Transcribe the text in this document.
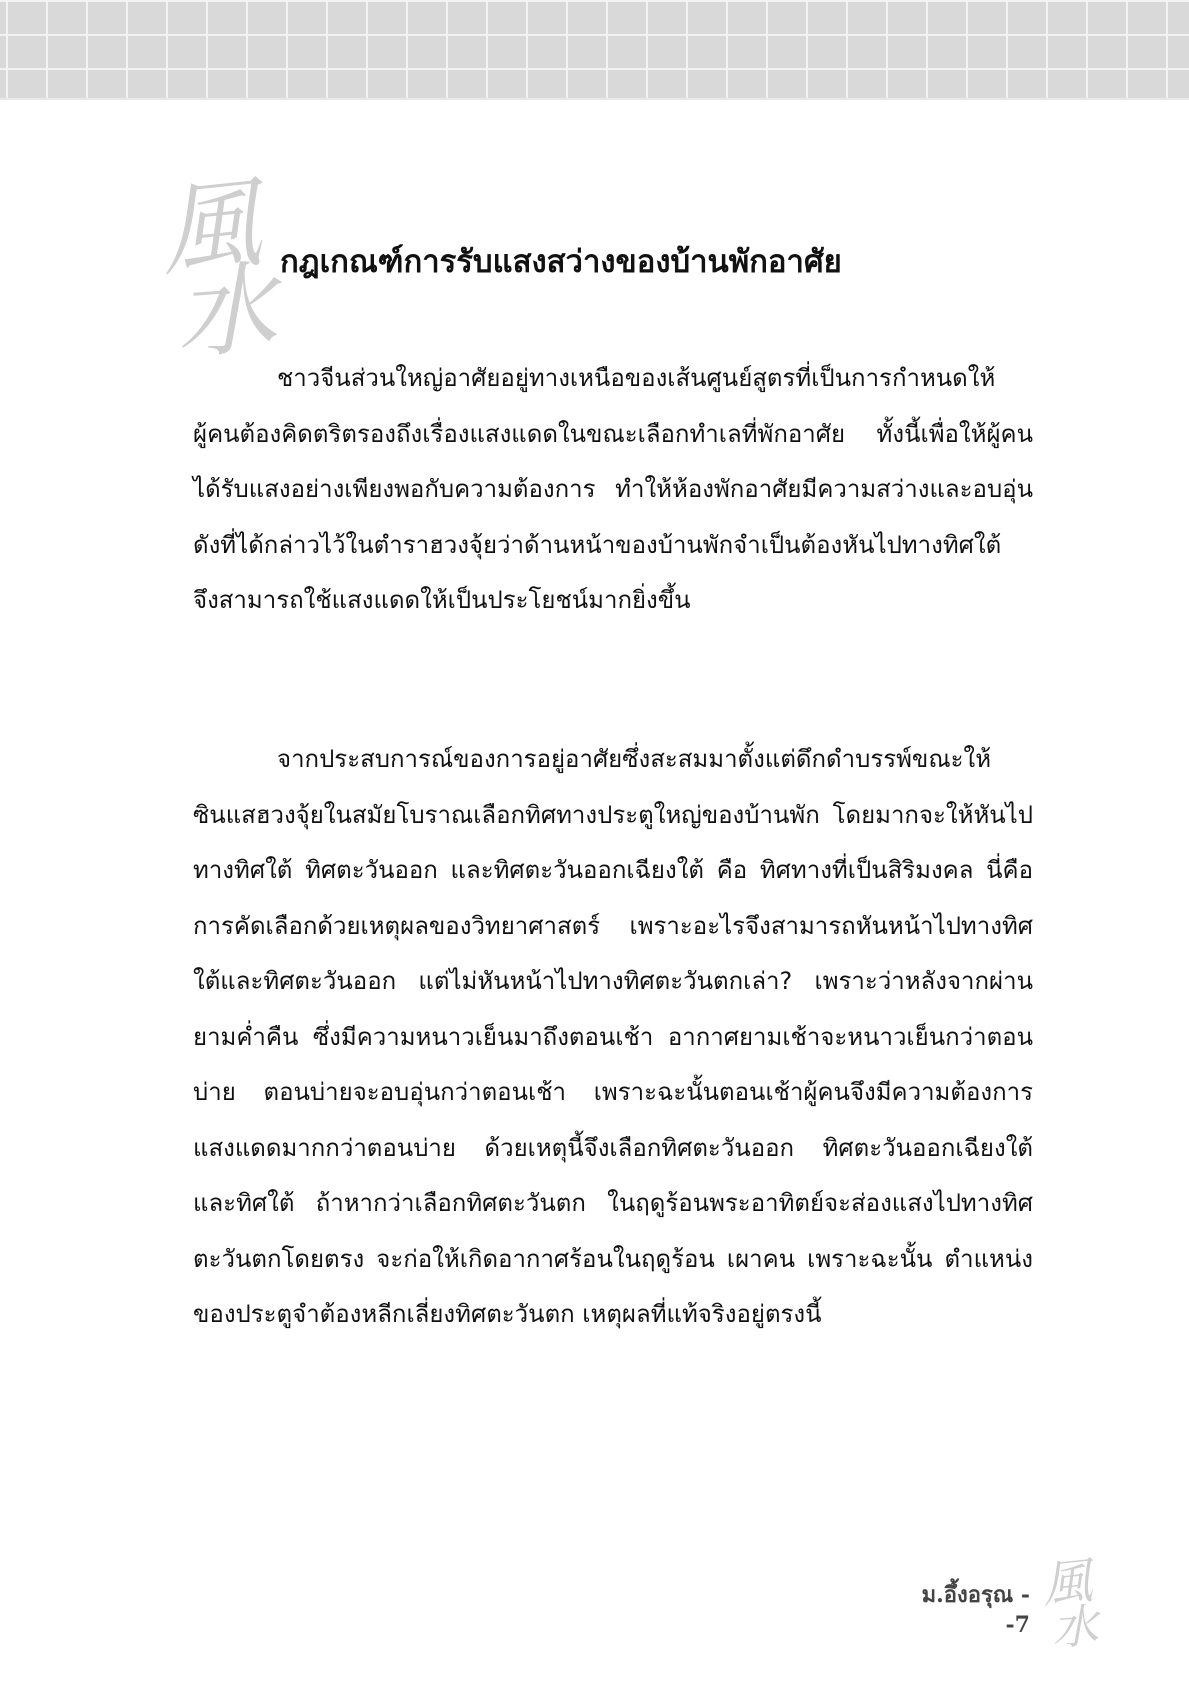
風
水 กฎเกณฑ์การรับแสงสว่างของบ้านพักอาศัย

ชาวจีนส่วนใหญ่อาศัยอยู่ทางเหนือของเส้นศูนย์สูตรที่เป็นการกำหนดให้ผู้คนต้องคิดตริตรองถึงเรื่องแสงแดดในขณะเลือกทำเลที่พักอาศัย ทั้งนี้เพื่อให้ผู้คนได้รับแสงอย่างเพียงพอกับความต้องการ ทำให้ห้องพักอาศัยมีความสว่างและอบอุ่น ดังที่ได้กล่าวไว้ในตำราฮวงจุ้ยว่าด้านหน้าของบ้านพักจำเป็นต้องหันไปทางทิศใต้ จึงสามารถใช้แสงแดดให้เป็นประโยชน์มากยิ่งขึ้น

จากประสบการณ์ของการอยู่อาศัยซึ่งสะสมมาตั้งแต่ดึกดำบรรพ์ขณะให้ซินแสฮวงจุ้ยในสมัยโบราณเลือกทิศทางประตูใหญ่ของบ้านพัก โดยมากจะให้หันไปทางทิศใต้ ทิศตะวันออก และทิศตะวันออกเฉียงใต้ คือ ทิศทางที่เป็นสิริมงคล นี่คือ การคัดเลือกด้วยเหตุผลของวิทยาศาสตร์ เพราะอะไรจึงสามารถหันหน้าไปทางทิศใต้และทิศตะวันออก แต่ไม่หันหน้าไปทางทิศตะวันตกเล่า? เพราะว่าหลังจากผ่านยามค่ำคืน ซึ่งมีความหนาวเย็นมาถึงตอนเช้า อากาศยามเช้าจะหนาวเย็นกว่าตอนบ่าย ตอนบ่ายจะอบอุ่นกว่าตอนเช้า เพราะฉะนั้นตอนเช้าผู้คนจึงมีความต้องการแสงแดดมากกว่าตอนบ่าย ด้วยเหตุนี้จึงเลือกทิศตะวันออก ทิศตะวันออกเฉียงใต้ และทิศใต้ ถ้าหากว่าเลือกทิศตะวันตก ในฤดูร้อนพระอาทิตย์จะส่องแสงไปทางทิศตะวันตกโดยตรง จะก่อให้เกิดอากาศร้อนในฤดูร้อน เผาคน เพราะฉะนั้น ตำแหน่งของประตูจำต้องหลีกเลี่ยงทิศตะวันตก เหตุผลที่แท้จริงอยู่ตรงนี้

ม.อึ้งอรุณ --7

風
水
